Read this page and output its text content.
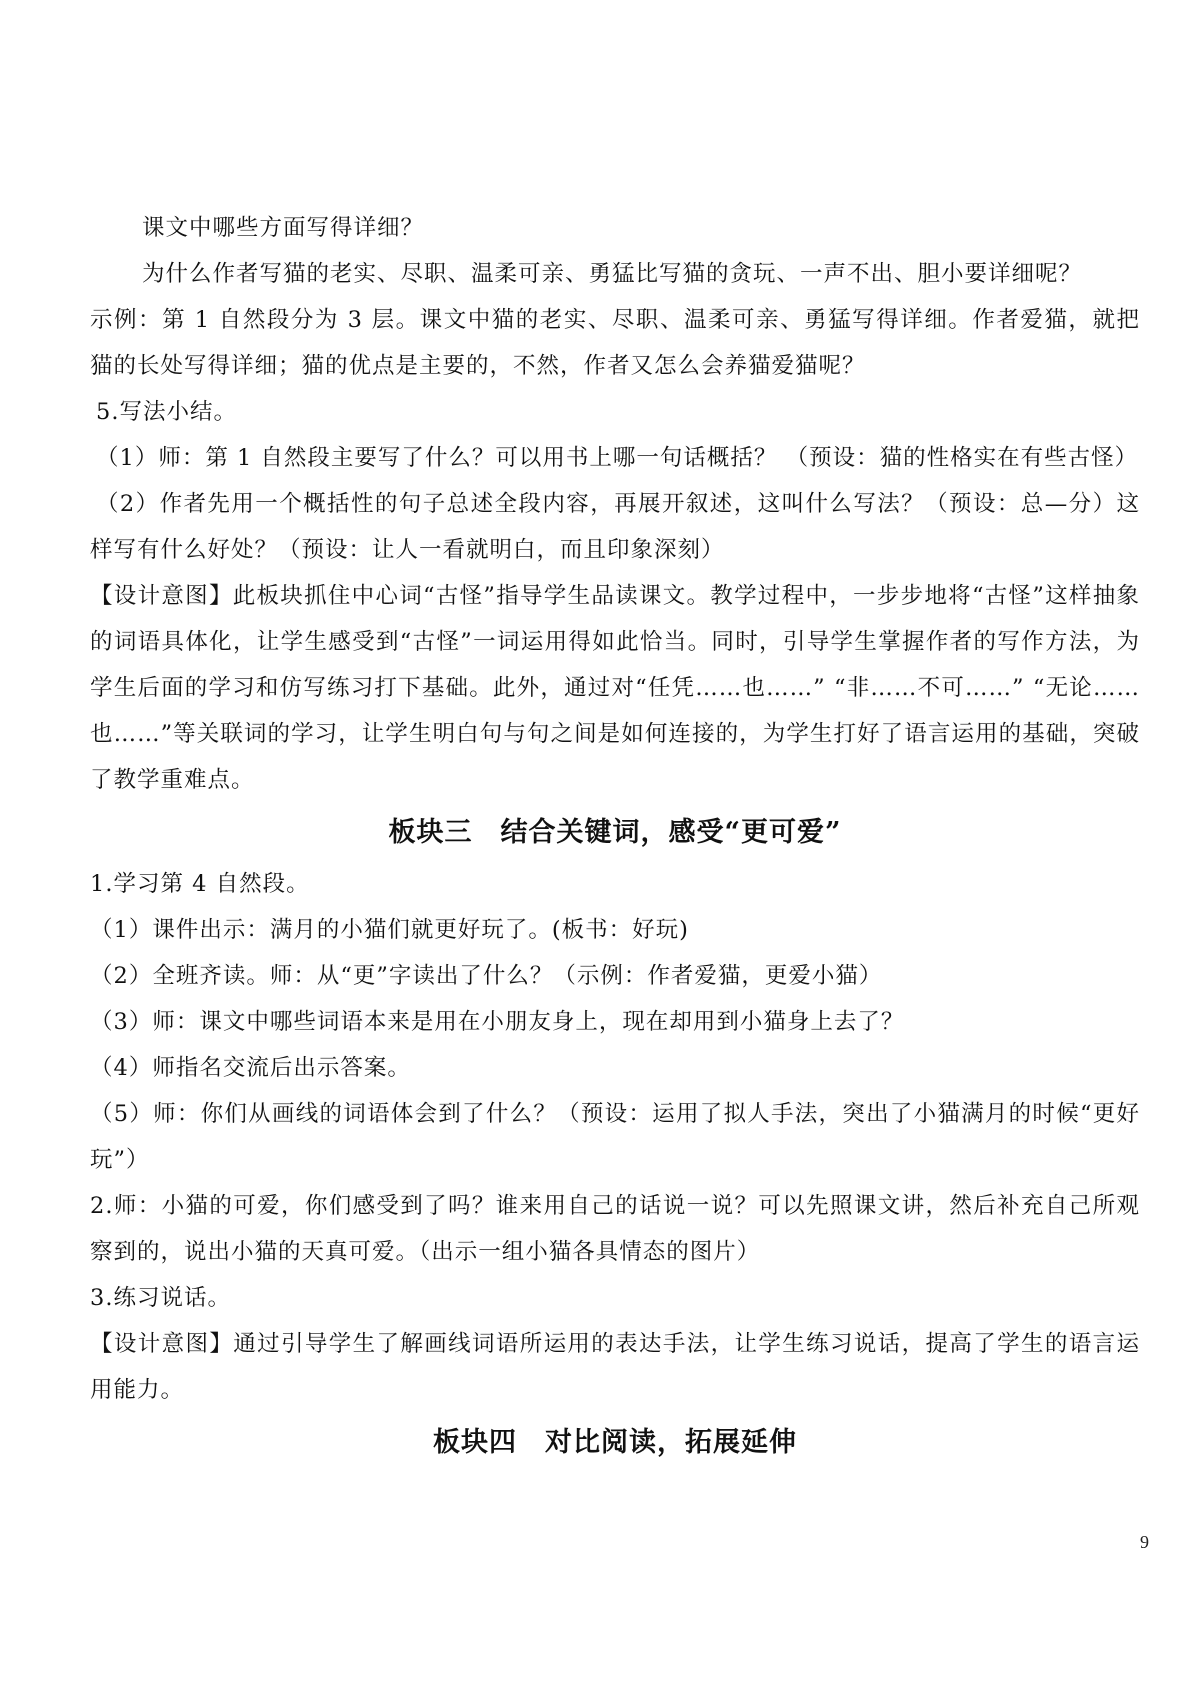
课文中哪些方面写得详细？

为什么作者写猫的老实、尽职、温柔可亲、勇猛比写猫的贪玩、一声不出、胆小要详细呢？

示例：第 1 自然段分为 3 层。课文中猫的老实、尽职、温柔可亲、勇猛写得详细。作者爱猫，就把猫的长处写得详细；猫的优点是主要的，不然，作者又怎么会养猫爱猫呢？

5.写法小结。

（1）师：第 1 自然段主要写了什么？可以用书上哪一句话概括？ （预设：猫的性格实在有些古怪）

（2）作者先用一个概括性的句子总述全段内容，再展开叙述，这叫什么写法？（预设：总—分）这样写有什么好处？（预设：让人一看就明白，而且印象深刻）

【设计意图】此板块抓住中心词“古怪”指导学生品读课文。教学过程中，一步步地将“古怪”这样抽象的词语具体化，让学生感受到“古怪”一词运用得如此恰当。同时，引导学生掌握作者的写作方法，为学生后面的学习和仿写练习打下基础。此外，通过对“任凭……也……” “非……不可……” “无论……也……”等关联词的学习，让学生明白句与句之间是如何连接的，为学生打好了语言运用的基础，突破了教学重难点。

板块三　结合关键词，感受“更可爱”

1.学习第 4 自然段。

（1）课件出示：满月的小猫们就更好玩了。(板书：好玩)

（2）全班齐读。师：从“更”字读出了什么？（示例：作者爱猫，更爱小猫）

（3）师：课文中哪些词语本来是用在小朋友身上，现在却用到小猫身上去了？

（4）师指名交流后出示答案。

（5）师：你们从画线的词语体会到了什么？（预设：运用了拟人手法，突出了小猫满月的时候“更好玩”）

2.师：小猫的可爱，你们感受到了吗？谁来用自己的话说一说？可以先照课文讲，然后补充自己所观察到的，说出小猫的天真可爱。（出示一组小猫各具情态的图片）

3.练习说话。

【设计意图】通过引导学生了解画线词语所运用的表达手法，让学生练习说话，提高了学生的语言运用能力。

板块四　对比阅读，拓展延伸
9
